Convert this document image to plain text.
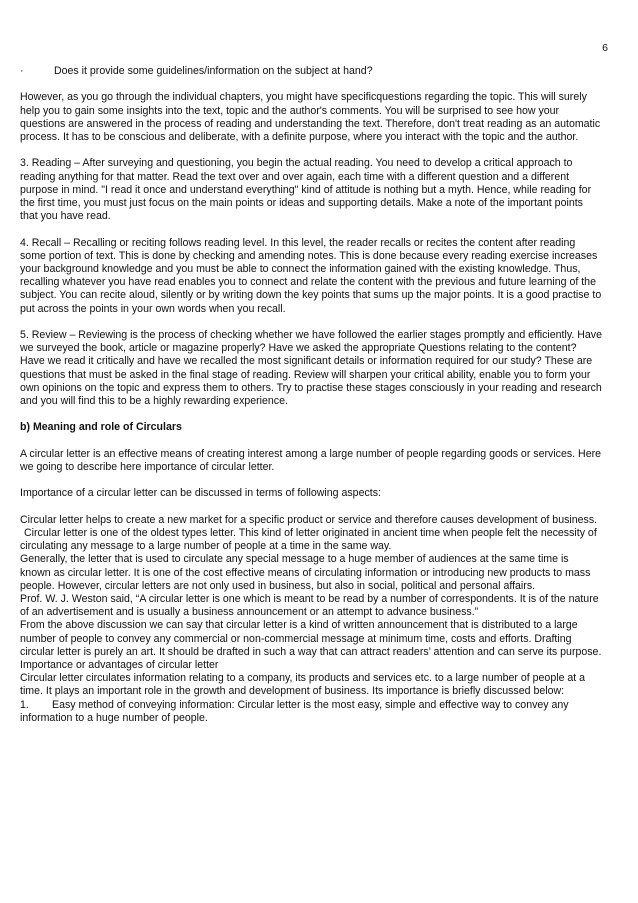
6
·	Does it provide some guidelines/information on the subject at hand?

However, as you go through the individual chapters, you might have specificquestions regarding the topic. This will surely help you to gain some insights into the text, topic and the author's comments. You will be surprised to see how your questions are answered in the process of reading and understanding the text. Therefore, don't treat reading as an automatic process. It has to be conscious and deliberate, with a definite purpose, where you interact with the topic and the author.

3. Reading – After surveying and questioning, you begin the actual reading. You need to develop a critical approach to reading anything for that matter. Read the text over and over again, each time with a different question and a different purpose in mind. "I read it once and understand everything" kind of attitude is nothing but a myth. Hence, while reading for the first time, you must just focus on the main points or ideas and supporting details. Make a note of the important points that you have read.

4. Recall – Recalling or reciting follows reading level. In this level, the reader recalls or recites the content after reading some portion of text. This is done by checking and amending notes. This is done because every reading exercise increases your background knowledge and you must be able to connect the information gained with the existing knowledge. Thus, recalling whatever you have read enables you to connect and relate the content with the previous and future learning of the subject. You can recite aloud, silently or by writing down the key points that sums up the major points. It is a good practise to put across the points in your own words when you recall.

5. Review – Reviewing is the process of checking whether we have followed the earlier stages promptly and efficiently. Have we surveyed the book, article or magazine properly? Have we asked the appropriate Questions relating to the content? Have we read it critically and have we recalled the most significant details or information required for our study? These are questions that must be asked in the final stage of reading. Review will sharpen your critical ability, enable you to form your own opinions on the topic and express them to others. Try to practise these stages consciously in your reading and research and you will find this to be a highly rewarding experience.

b) Meaning and role of Circulars

A circular letter is an effective means of creating interest among a large number of people regarding goods or services. Here we going to describe here importance of circular letter.

Importance of a circular letter can be discussed in terms of following aspects:

Circular letter helps to create a new market for a specific product or service and therefore causes development of business.

Circular letter is one of the oldest types letter. This kind of letter originated in ancient time when people felt the necessity of circulating any message to a large number of people at a time in the same way.

Generally, the letter that is used to circulate any special message to a huge member of audiences at the same time is known as circular letter. It is one of the cost effective means of circulating information or introducing new products to mass people. However, circular letters are not only used in business, but also in social, political and personal affairs.

Prof. W. J. Weston said, “A circular letter is one which is meant to be read by a number of correspondents. It is of the nature of an advertisement and is usually a business announcement or an attempt to advance business.”

From the above discussion we can say that circular letter is a kind of written announcement that is distributed to a large number of people to convey any commercial or non-commercial message at minimum time, costs and efforts. Drafting circular letter is purely an art. It should be drafted in such a way that can attract readers’ attention and can serve its purpose.

Importance or advantages of circular letter

Circular letter circulates information relating to a company, its products and services etc. to a large number of people at a time. It plays an important role in the growth and development of business. Its importance is briefly discussed below:

1. Easy method of conveying information: Circular letter is the most easy, simple and effective way to convey any information to a huge number of people.
